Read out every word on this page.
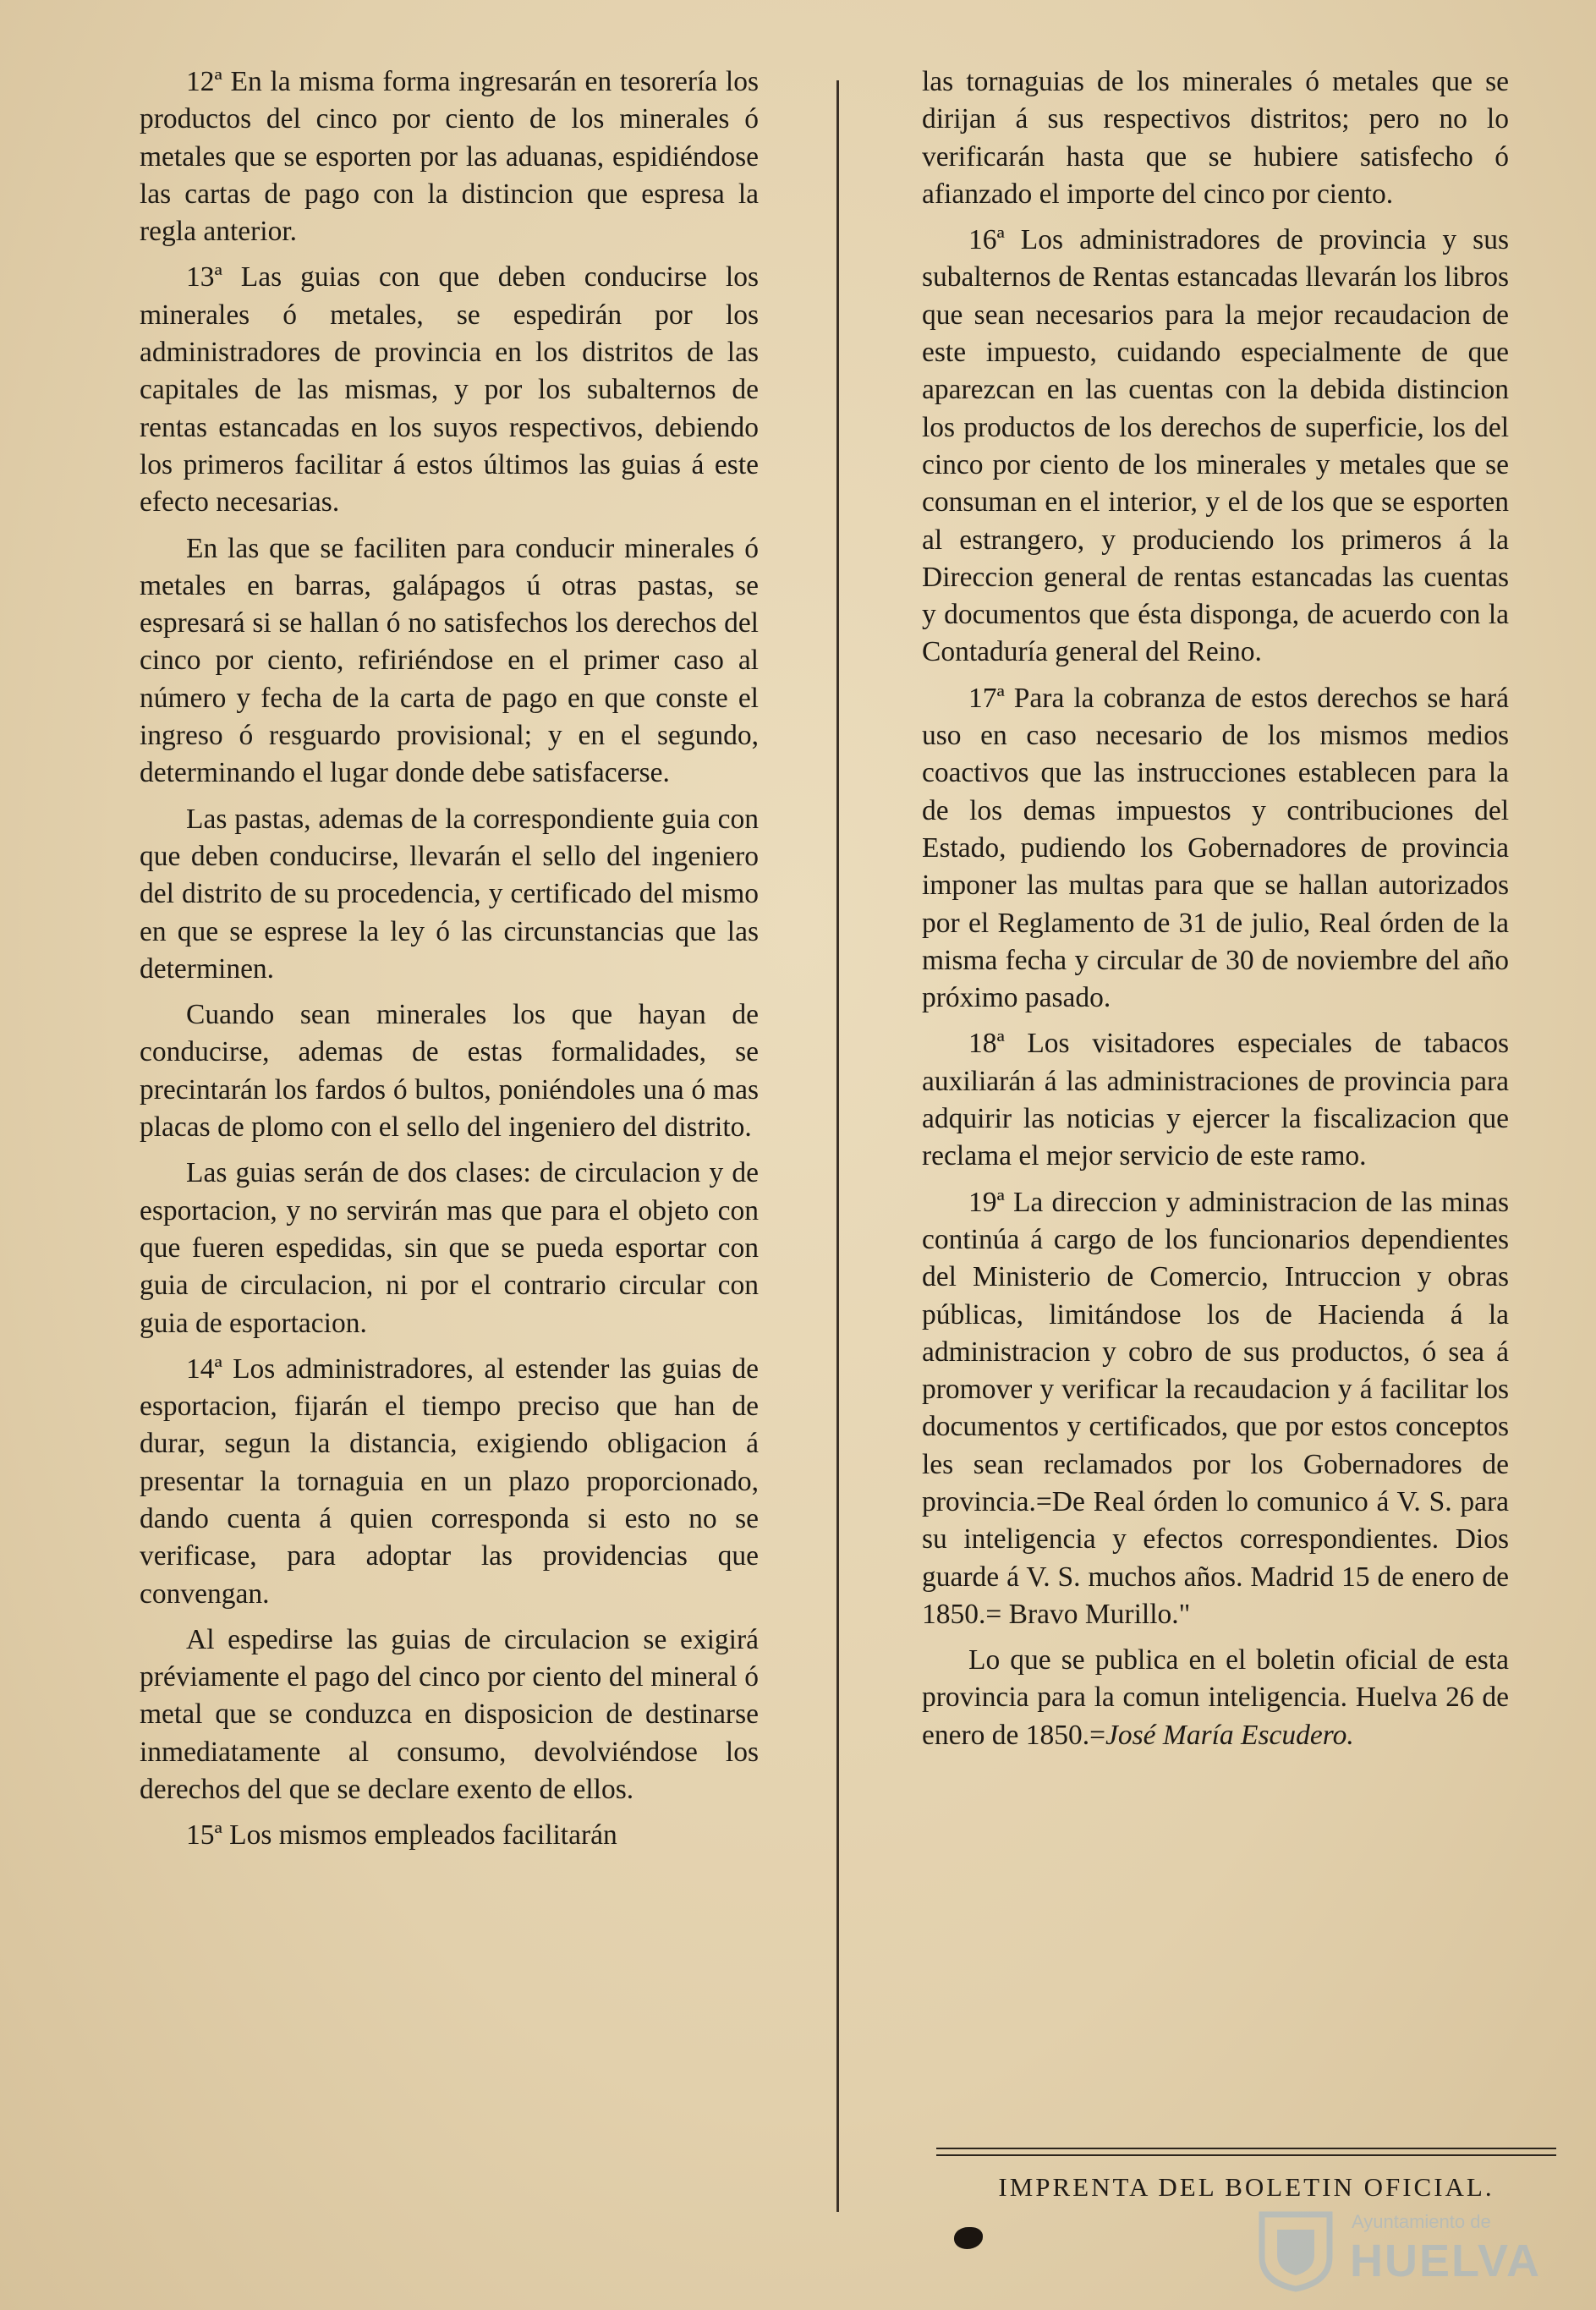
12ª En la misma forma ingresarán en tesorería los productos del cinco por ciento de los minerales ó metales que se esporten por las aduanas, espidiéndose las cartas de pago con la distincion que espresa la regla anterior.

13ª Las guias con que deben conducirse los minerales ó metales, se espedirán por los administradores de provincia en los distritos de las capitales de las mismas, y por los subalternos de rentas estancadas en los suyos respectivos, debiendo los primeros facilitar á estos últimos las guias á este efecto necesarias.

En las que se faciliten para conducir minerales ó metales en barras, galápagos ú otras pastas, se espresará si se hallan ó no satisfechos los derechos del cinco por ciento, refiriéndose en el primer caso al número y fecha de la carta de pago en que conste el ingreso ó resguardo provisional; y en el segundo, determinando el lugar donde debe satisfacerse.

Las pastas, ademas de la correspondiente guia con que deben conducirse, llevarán el sello del ingeniero del distrito de su procedencia, y certificado del mismo en que se esprese la ley ó las circunstancias que las determinen.

Cuando sean minerales los que hayan de conducirse, ademas de estas formalidades, se precintarán los fardos ó bultos, poniéndoles una ó mas placas de plomo con el sello del ingeniero del distrito.

Las guias serán de dos clases: de circulacion y de esportacion, y no servirán mas que para el objeto con que fueren espedidas, sin que se pueda esportar con guia de circulacion, ni por el contrario circular con guia de esportacion.

14ª Los administradores, al estender las guias de esportacion, fijarán el tiempo preciso que han de durar, segun la distancia, exigiendo obligacion á presentar la tornaguia en un plazo proporcionado, dando cuenta á quien corresponda si esto no se verificase, para adoptar las providencias que convengan.

Al espedirse las guias de circulacion se exigirá préviamente el pago del cinco por ciento del mineral ó metal que se conduzca en disposicion de destinarse inmediatamente al consumo, devolviéndose los derechos del que se declare exento de ellos.

15ª Los mismos empleados facilitarán

las tornaguias de los minerales ó metales que se dirijan á sus respectivos distritos; pero no lo verificarán hasta que se hubiere satisfecho ó afianzado el importe del cinco por ciento.

16ª Los administradores de provincia y sus subalternos de Rentas estancadas llevarán los libros que sean necesarios para la mejor recaudacion de este impuesto, cuidando especialmente de que aparezcan en las cuentas con la debida distincion los productos de los derechos de superficie, los del cinco por ciento de los minerales y metales que se consuman en el interior, y el de los que se esporten al estrangero, y produciendo los primeros á la Direccion general de rentas estancadas las cuentas y documentos que ésta disponga, de acuerdo con la Contaduría general del Reino.

17ª Para la cobranza de estos derechos se hará uso en caso necesario de los mismos medios coactivos que las instrucciones establecen para la de los demas impuestos y contribuciones del Estado, pudiendo los Gobernadores de provincia imponer las multas para que se hallan autorizados por el Reglamento de 31 de julio, Real órden de la misma fecha y circular de 30 de noviembre del año próximo pasado.

18ª Los visitadores especiales de tabacos auxiliarán á las administraciones de provincia para adquirir las noticias y ejercer la fiscalizacion que reclama el mejor servicio de este ramo.

19ª La direccion y administracion de las minas continúa á cargo de los funcionarios dependientes del Ministerio de Comercio, Intruccion y obras públicas, limitándose los de Hacienda á la administracion y cobro de sus productos, ó sea á promover y verificar la recaudacion y á facilitar los documentos y certificados, que por estos conceptos les sean reclamados por los Gobernadores de provincia.=De Real órden lo comunico á V. S. para su inteligencia y efectos correspondientes. Dios guarde á V. S. muchos años. Madrid 15 de enero de 1850.= Bravo Murillo."

Lo que se publica en el boletin oficial de esta provincia para la comun inteligencia. Huelva 26 de enero de 1850.=José María Escudero.

IMPRENTA DEL BOLETIN OFICIAL.
Ayuntamiento de
HUELVA
